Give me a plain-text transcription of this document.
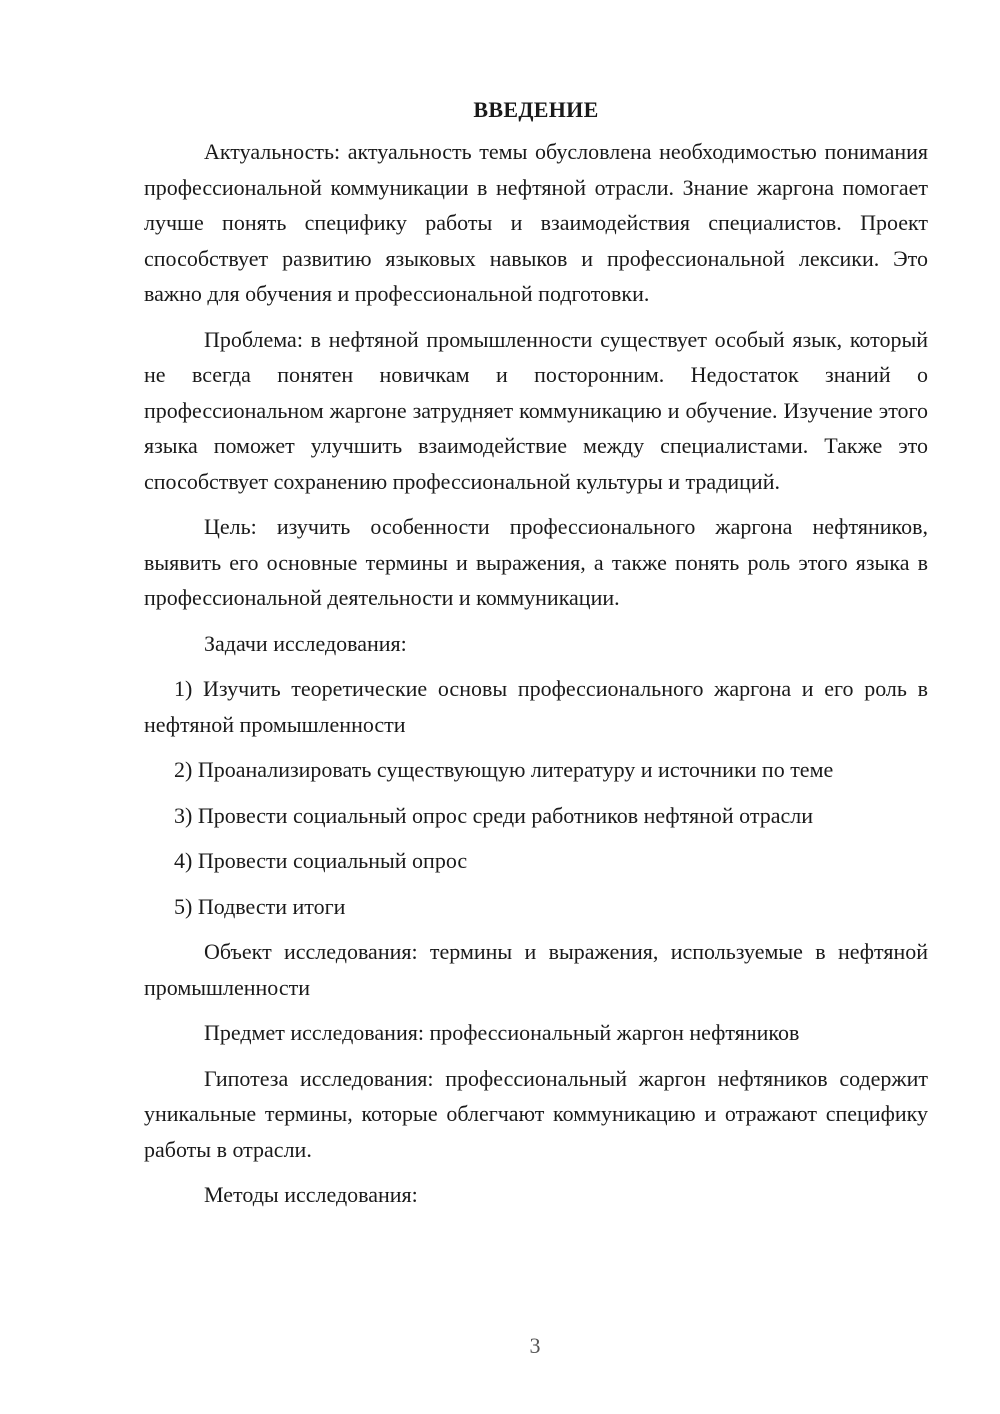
ВВЕДЕНИЕ

Актуальность: актуальность темы обусловлена необходимостью понимания профессиональной коммуникации в нефтяной отрасли. Знание жаргона помогает лучше понять специфику работы и взаимодействия специалистов. Проект способствует развитию языковых навыков и профессиональной лексики. Это важно для обучения и профессиональной подготовки.

Проблема: в нефтяной промышленности существует особый язык, который не всегда понятен новичкам и посторонним. Недостаток знаний о профессиональном жаргоне затрудняет коммуникацию и обучение. Изучение этого языка поможет улучшить взаимодействие между специалистами. Также это способствует сохранению профессиональной культуры и традиций.

Цель: изучить особенности профессионального жаргона нефтяников, выявить его основные термины и выражения, а также понять роль этого языка в профессиональной деятельности и коммуникации.

Задачи исследования:

1) Изучить теоретические основы профессионального жаргона и его роль в нефтяной промышленности

2) Проанализировать существующую литературу и источники по теме

3) Провести социальный опрос среди работников нефтяной отрасли

4) Провести социальный опрос

5) Подвести итоги

Объект исследования: термины и выражения, используемые в нефтяной промышленности

Предмет исследования: профессиональный жаргон нефтяников

Гипотеза исследования: профессиональный жаргон нефтяников содержит уникальные термины, которые облегчают коммуникацию и отражают специфику работы в отрасли.

Методы исследования:

3
